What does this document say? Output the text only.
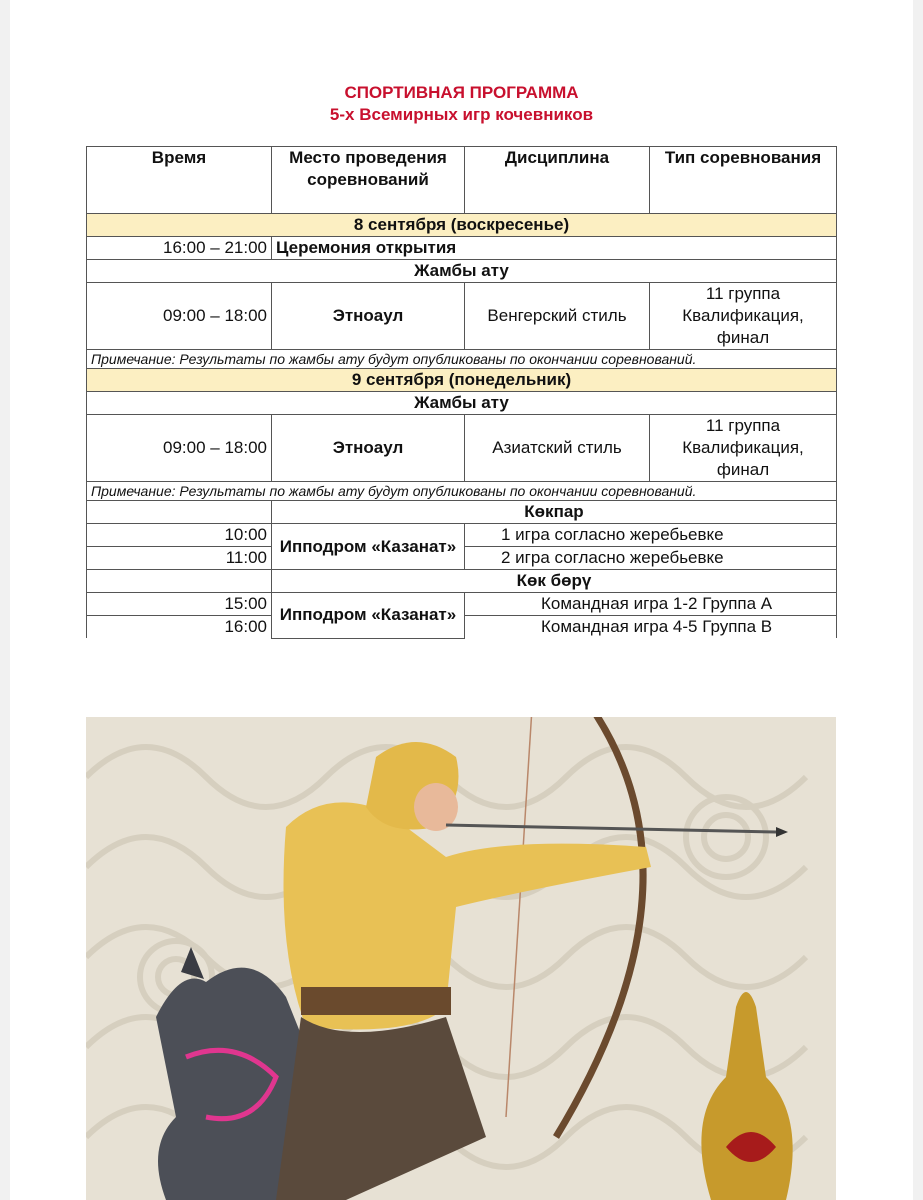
СПОРТИВНАЯ ПРОГРАММА
5-х Всемирных игр кочевников
Время	Место проведения соревнований	Дисциплина	Тип соревнования
8 сентября (воскресенье)			
16:00 – 21:00	Церемония открытия		
Жамбы ату			
09:00 – 18:00	Этноаул	Венгерский стиль	11 группа Квалификация, финал
Примечание: Результаты по жамбы ату будут опубликованы по окончании соревнований.			
9 сентября (понедельник)			
Жамбы ату			
09:00 – 18:00	Этноаул	Азиатский стиль	11 группа Квалификация, финал
Примечание: Результаты по жамбы ату будут опубликованы по окончании соревнований.			
	Көкпар		
10:00	Ипподром «Казанат»	1 игра согласно жеребьевке	
11:00		2 игра согласно жеребьевке	
	Көк бөрү		
15:00	Ипподром «Казанат»	Командная игра 1-2 Группа А	
16:00		Командная игра 4-5 Группа В	
